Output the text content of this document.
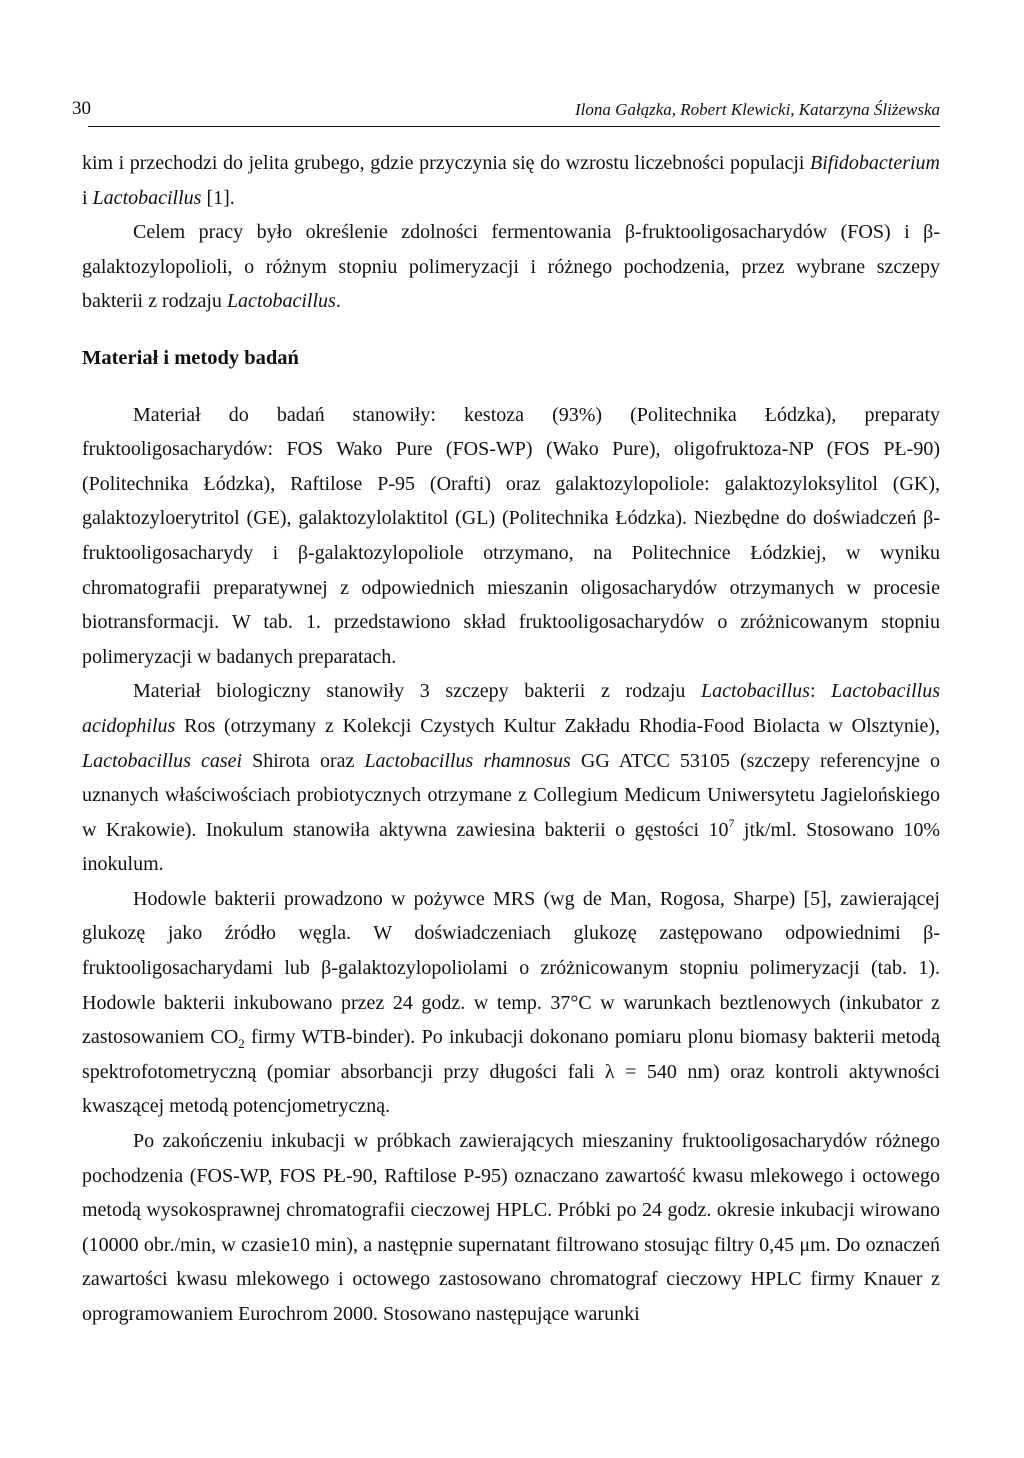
30	Ilona Gałązka, Robert Klewicki, Katarzyna Śliżewska

kim i przechodzi do jelita grubego, gdzie przyczynia się do wzrostu liczebności populacji Bifidobacterium i Lactobacillus [1].

Celem pracy było określenie zdolności fermentowania β-fruktooligosacharydów (FOS) i β-galaktozylopolioli, o różnym stopniu polimeryzacji i różnego pochodzenia, przez wybrane szczepy bakterii z rodzaju Lactobacillus.

Materiał i metody badań

Materiał do badań stanowiły: kestoza (93%) (Politechnika Łódzka), preparaty fruktooligosacharydów: FOS Wako Pure (FOS-WP) (Wako Pure), oligofruktoza-NP (FOS PŁ-90) (Politechnika Łódzka), Raftilose P-95 (Orafti) oraz galaktozylopoliole: galaktozyloksylitol (GK), galaktozyloerytritol (GE), galaktozylolaktitol (GL) (Politechnika Łódzka). Niezbędne do doświadczeń β-fruktooligosacharydy i β-galaktozylopoliole otrzymano, na Politechnice Łódzkiej, w wyniku chromatografii preparatywnej z odpowiednich mieszanin oligosacharydów otrzymanych w procesie biotransformacji. W tab. 1. przedstawiono skład fruktooligosacharydów o zróżnicowanym stopniu polimeryzacji w badanych preparatach.

Materiał biologiczny stanowiły 3 szczepy bakterii z rodzaju Lactobacillus: Lactobacillus acidophilus Ros (otrzymany z Kolekcji Czystych Kultur Zakładu Rhodia-Food Biolacta w Olsztynie), Lactobacillus casei Shirota oraz Lactobacillus rhamnosus GG ATCC 53105 (szczepy referencyjne o uznanych właściwościach probiotycznych otrzymane z Collegium Medicum Uniwersytetu Jagielońskiego w Krakowie). Inokulum stanowiła aktywna zawiesina bakterii o gęstości $10^7$ jtk/ml. Stosowano 10% inokulum.

Hodowle bakterii prowadzono w pożywce MRS (wg de Man, Rogosa, Sharpe) [5], zawierającej glukozę jako źródło węgla. W doświadczeniach glukozę zastępowano odpowiednimi β-fruktooligosacharydami lub β-galaktozylopoliolami o zróżnicowanym stopniu polimeryzacji (tab. 1). Hodowle bakterii inkubowano przez 24 godz. w temp. 37°C w warunkach beztlenowych (inkubator z zastosowaniem $CO_2$ firmy WTB-binder). Po inkubacji dokonano pomiaru plonu biomasy bakterii metodą spektrofotometryczną (pomiar absorbancji przy długości fali λ = 540 nm) oraz kontroli aktywności kwaszącej metodą potencjometryczną.

Po zakończeniu inkubacji w próbkach zawierających mieszaniny fruktooligosacharydów różnego pochodzenia (FOS-WP, FOS PŁ-90, Raftilose P-95) oznaczano zawartość kwasu mlekowego i octowego metodą wysokosprawnej chromatografii cieczowej HPLC. Próbki po 24 godz. okresie inkubacji wirowano (10000 obr./min, w czasie10 min), a następnie supernatant filtrowano stosując filtry 0,45 μm. Do oznaczeń zawartości kwasu mlekowego i octowego zastosowano chromatograf cieczowy HPLC firmy Knauer z oprogramowaniem Eurochrom 2000. Stosowano następujące warunki
